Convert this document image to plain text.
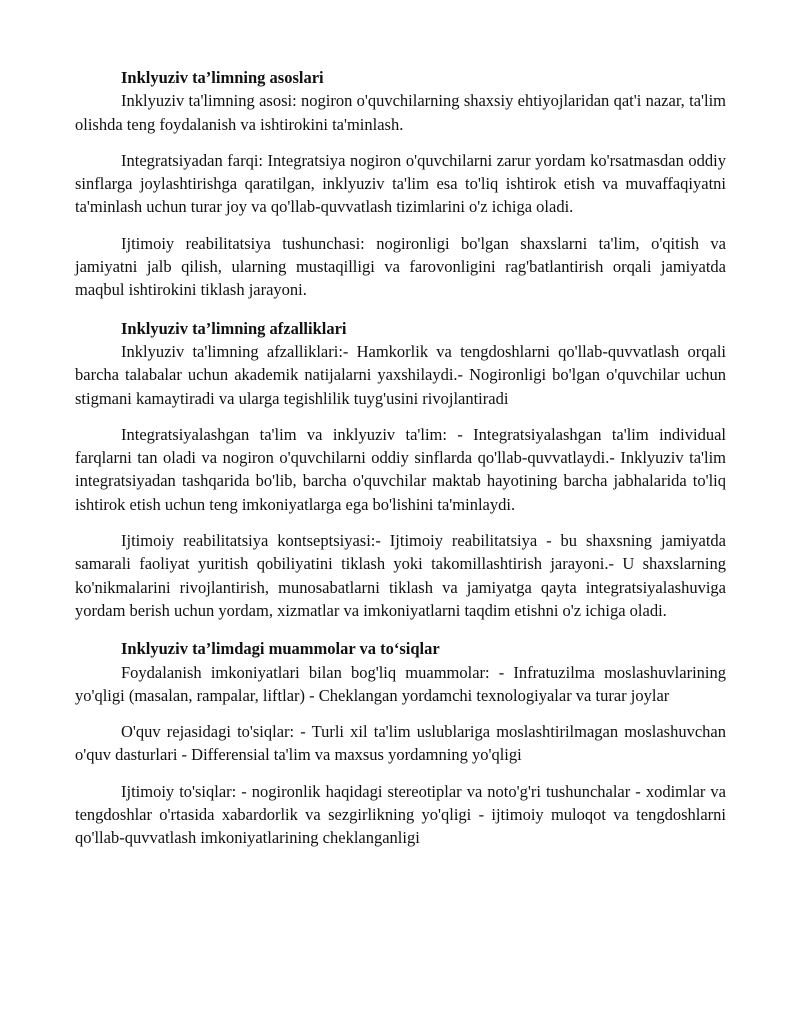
Inklyuziv ta’limning asoslari

Inklyuziv ta'limning asosi: nogiron o'quvchilarning shaxsiy ehtiyojlaridan qat'i nazar, ta'lim olishda teng foydalanish va ishtirokini ta'minlash.

Integratsiyadan farqi: Integratsiya nogiron o'quvchilarni zarur yordam ko'rsatmasdan oddiy sinflarga joylashtirishga qaratilgan, inklyuziv ta'lim esa to'liq ishtirok etish va muvaffaqiyatni ta'minlash uchun turar joy va qo'llab-quvvatlash tizimlarini o'z ichiga oladi.

Ijtimoiy reabilitatsiya tushunchasi: nogironligi bo'lgan shaxslarni ta'lim, o'qitish va jamiyatni jalb qilish, ularning mustaqilligi va farovonligini rag'batlantirish orqali jamiyatda maqbul ishtirokini tiklash jarayoni.

Inklyuziv ta’limning afzalliklari

Inklyuziv ta'limning afzalliklari:- Hamkorlik va tengdoshlarni qo'llab-quvvatlash orqali barcha talabalar uchun akademik natijalarni yaxshilaydi.- Nogironligi bo'lgan o'quvchilar uchun stigmani kamaytiradi va ularga tegishlilik tuyg'usini rivojlantiradi

Integratsiyalashgan ta'lim va inklyuziv ta'lim: - Integratsiyalashgan ta'lim individual farqlarni tan oladi va nogiron o'quvchilarni oddiy sinflarda qo'llab-quvvatlaydi.- Inklyuziv ta'lim integratsiyadan tashqarida bo'lib, barcha o'quvchilar maktab hayotining barcha jabhalarida to'liq ishtirok etish uchun teng imkoniyatlarga ega bo'lishini ta'minlaydi.

Ijtimoiy reabilitatsiya kontseptsiyasi:- Ijtimoiy reabilitatsiya - bu shaxsning jamiyatda samarali faoliyat yuritish qobiliyatini tiklash yoki takomillashtirish jarayoni.- U shaxslarning ko'nikmalarini rivojlantirish, munosabatlarni tiklash va jamiyatga qayta integratsiyalashuviga yordam berish uchun yordam, xizmatlar va imkoniyatlarni taqdim etishni o'z ichiga oladi.

Inklyuziv ta’limdagi muammolar va to‘siqlar

Foydalanish imkoniyatlari bilan bog'liq muammolar: - Infratuzilma moslashuvlarining yo'qligi (masalan, rampalar, liftlar) - Cheklangan yordamchi texnologiyalar va turar joylar

O'quv rejasidagi to'siqlar: - Turli xil ta'lim uslublariga moslashtirilmagan moslashuvchan o'quv dasturlari - Differensial ta'lim va maxsus yordamning yo'qligi

Ijtimoiy to'siqlar: - nogironlik haqidagi stereotiplar va noto'g'ri tushunchalar - xodimlar va tengdoshlar o'rtasida xabardorlik va sezgirlikning yo'qligi - ijtimoiy muloqot va tengdoshlarni qo'llab-quvvatlash imkoniyatlarining cheklanganligi
